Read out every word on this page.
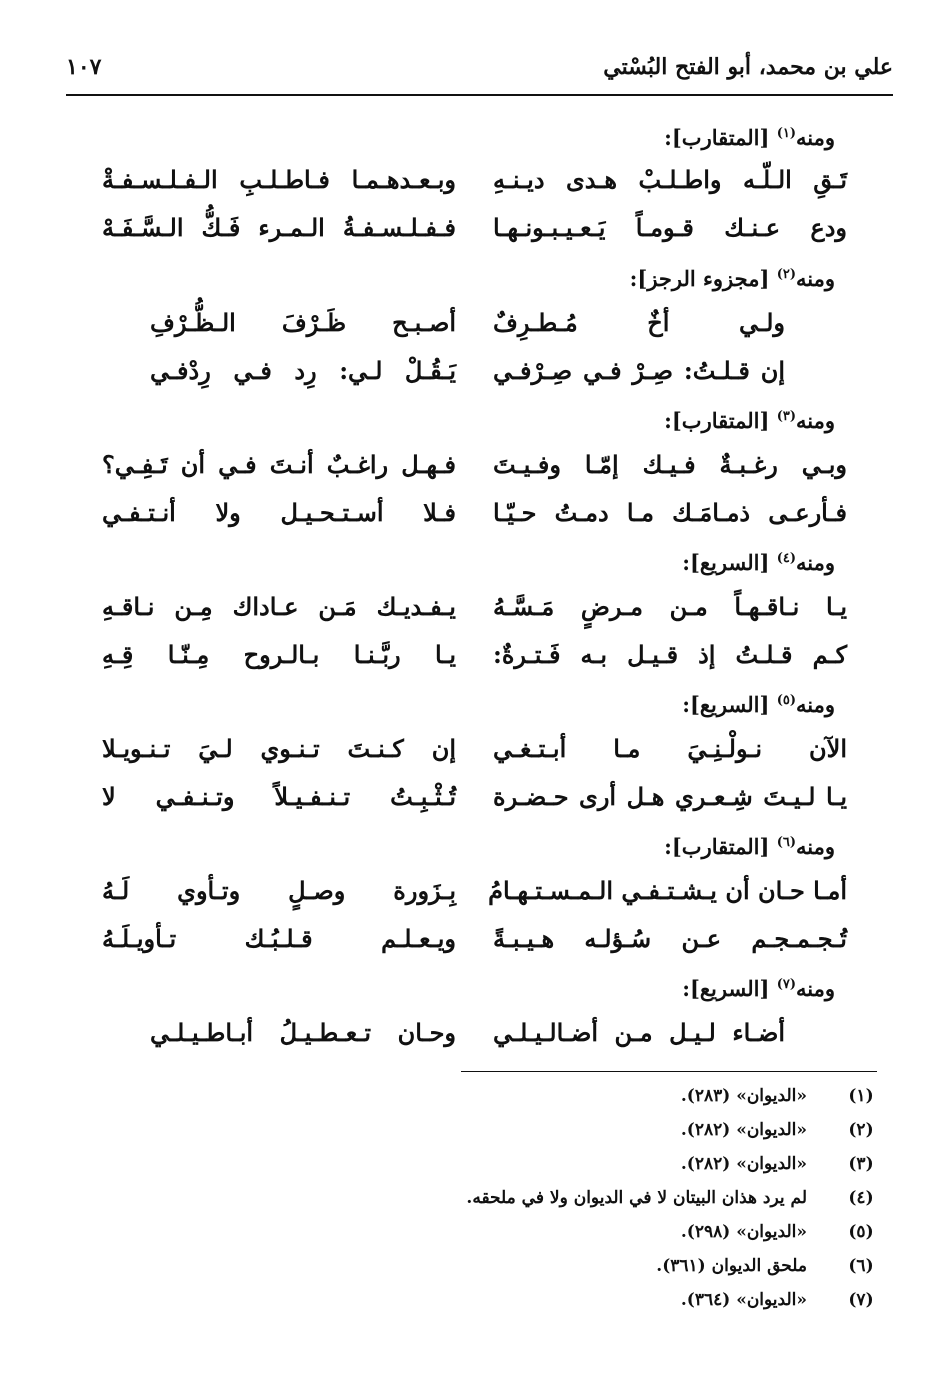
علي بن محمد، أبو الفتح البُسْتي
١٠٧
ومنه$^{(١)}$ [المتقارب]:
تَـقِ الـلّـه واطـلـبْ هـدى ديـنـهِ
وبـعـدهـمـا فـاطـلـبِ الـفـلـسـفـةْ
ودع عـنـك قـومـاً يَـعـيـبـونـهـا
فـفـلـسـفـةُ الـمـرء فَـكُّ الـسَّـفَـهْ
ومنه$^{(٢)}$ [مجزوء الرجز]:
ولـي أخٌ مُـطـرِفٌ
أصـبـح ظَـرْفَ الـظُّـرْفِ
إن قـلـتُ: صِـرْ فـي صِـرْفـي
يَـقُـلْ لـي: رِد فـي رِدْفـي
ومنه$^{(٣)}$ [المتقارب]:
وبـي رغـبـةٌ فـيـك إمّـا وفـيـتَ
فـهـل راغـبٌ أنـتَ فـي أن تَـفِـي؟
فـأرعـى ذمـامَـك مـا دمـتُ حـيّـا
فـلا أسـتـحـيـل ولا أنـتـفـي
ومنه$^{(٤)}$ [السريع]:
يـا نـاقـهـاً مـن مـرضٍ مَـسَّـهُ
يـفـديـك مَـن عـاداك مِـن نـاقـهِ
كـم قـلـتُ إذ قـيـل بـه فَـتـرةٌ:
يـا ربَّـنـا بـالـروح مِـنّـا قِـهِ
ومنه$^{(٥)}$ [السريع]:
الآن نـولْـنِـيَ مـا أبـتـغـي
إن كـنـتَ تـنـوي لـيَ تـنـويـلا
يـا لـيـتَ شِـعـري هـل أرى حـضـرة
تُـثْـبِـتُ تـنـفـيـلاً وتـنـفـي لا
ومنه$^{(٦)}$ [المتقارب]:
أمـا حـان أن يـشـتـفـي الـمـسـتـهـامُ
بِـزَورة وصـلٍ وتـأوي لَـهُ
تُـجـمـجـم عـن سُـؤلـه هـيـبـةً
ويـعـلـم قـلـبُـك تـأويـلَـهُ
ومنه$^{(٧)}$ [السريع]:
أضـاء لـيـل مـن أضـالـيـلـي
وحـان تـعـطـيـلُ أبـاطـيـلـي
(١)
«الديوان» (٢٨٣).
(٢)
«الديوان» (٢٨٢).
(٣)
«الديوان» (٢٨٢).
(٤)
لم يرد هذان البيتان لا في الديوان ولا في ملحقه.
(٥)
«الديوان» (٢٩٨).
(٦)
ملحق الديوان (٣٦١).
(٧)
«الديوان» (٣٦٤).
